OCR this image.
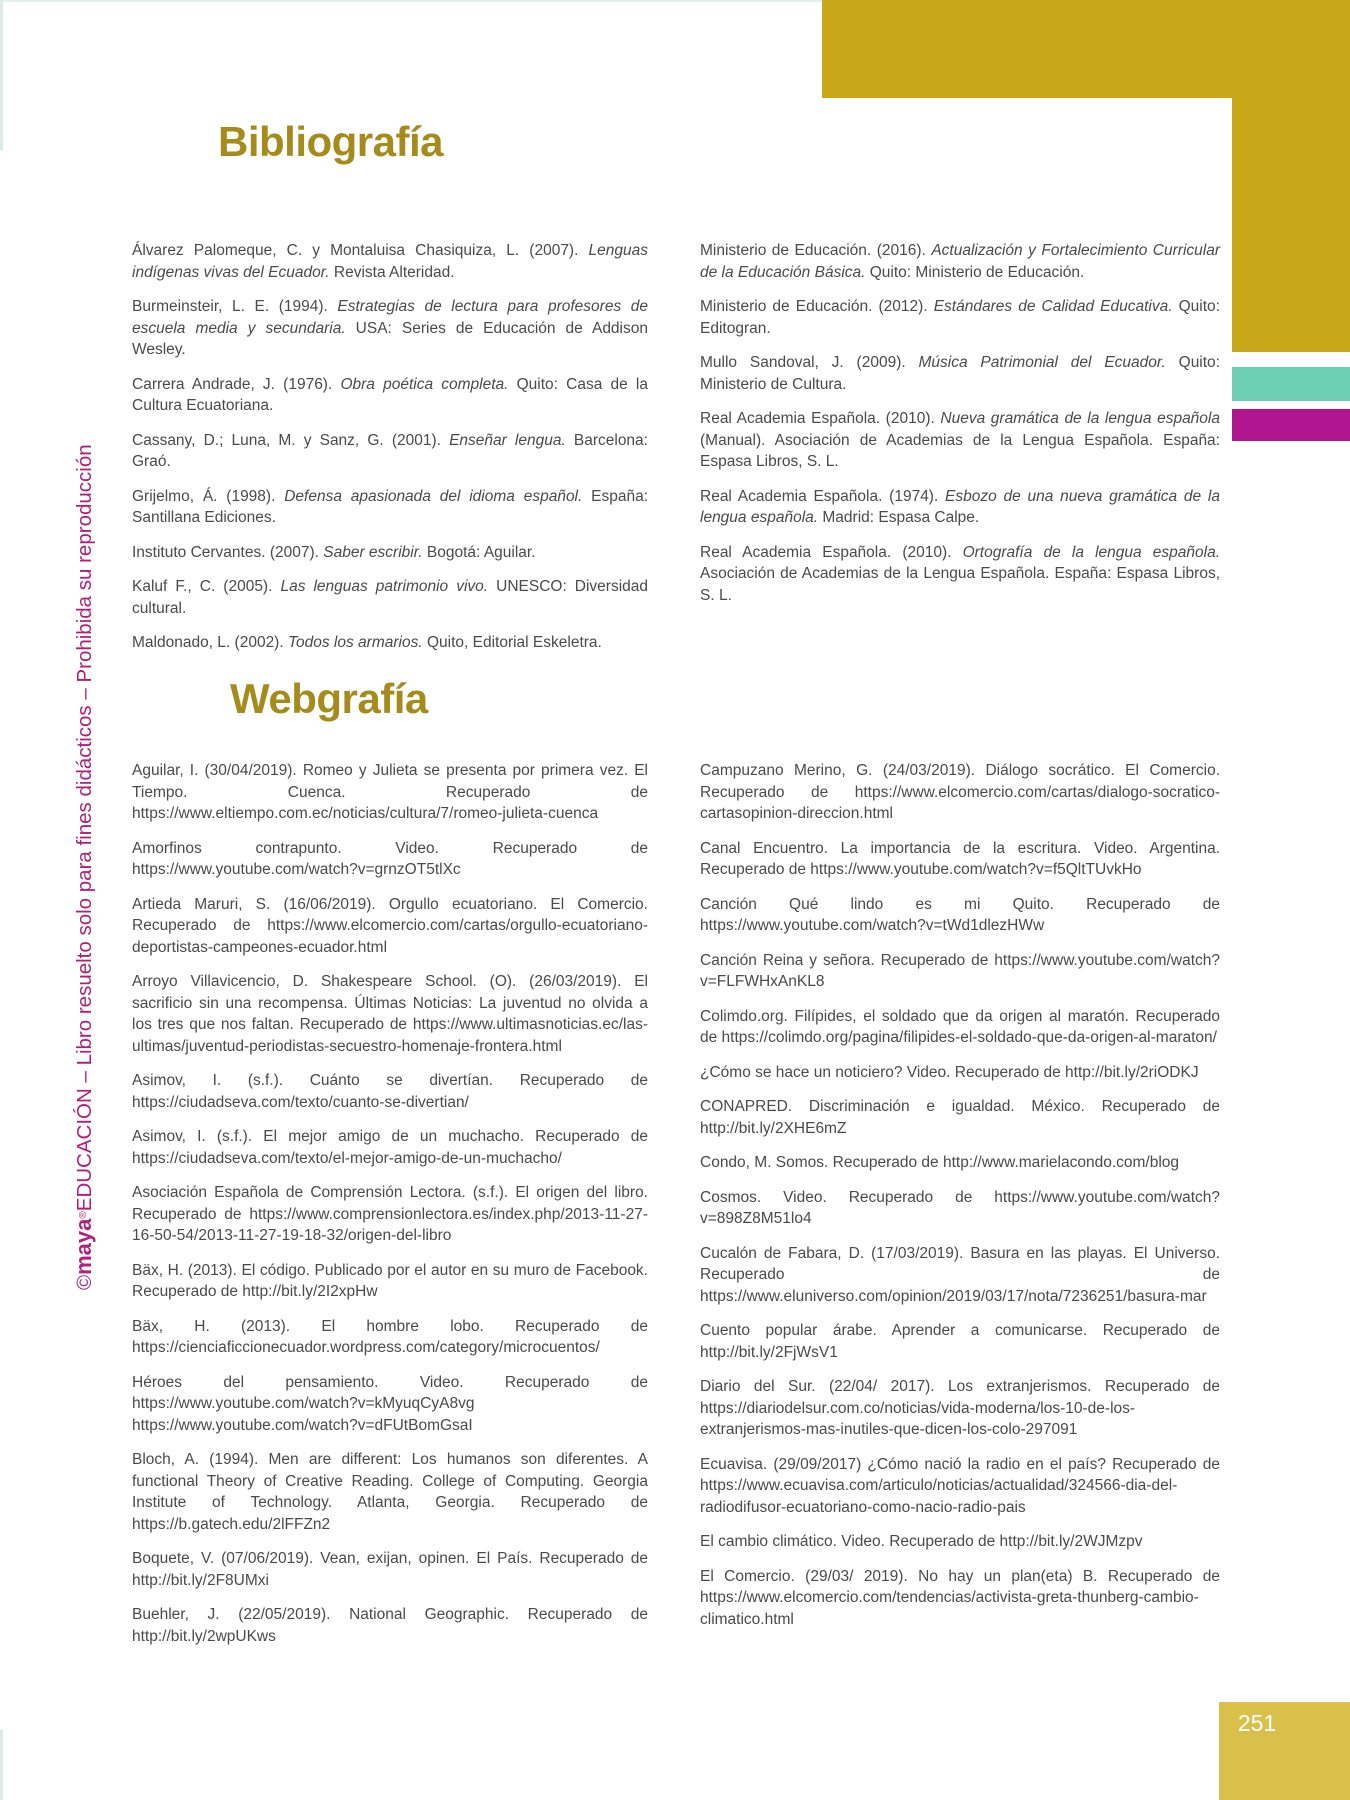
251
©maya®EDUCACIÓN – Libro resuelto solo para fines didácticos – Prohibida su reproducción
Bibliografía

Álvarez Palomeque, C. y Montaluisa Chasiquiza, L. (2007). Lenguas indígenas vivas del Ecuador. Revista Alteridad.

Burmeinsteir, L. E. (1994). Estrategias de lectura para profesores de escuela media y secundaria. USA: Series de Educación de Addison Wesley.

Carrera Andrade, J. (1976). Obra poética completa. Quito: Casa de la Cultura Ecuatoriana.

Cassany, D.; Luna, M. y Sanz, G. (2001). Enseñar lengua. Barcelona: Graó.

Grijelmo, Á. (1998). Defensa apasionada del idioma español. España: Santillana Ediciones.

Instituto Cervantes. (2007). Saber escribir. Bogotá: Aguilar.

Kaluf F., C. (2005). Las lenguas patrimonio vivo. UNESCO: Diversidad cultural.

Maldonado, L. (2002). Todos los armarios. Quito, Editorial Eskeletra.

Ministerio de Educación. (2016). Actualización y Fortalecimiento Curricular de la Educación Básica. Quito: Ministerio de Educación.

Ministerio de Educación. (2012). Estándares de Calidad Educativa. Quito: Editogran.

Mullo Sandoval, J. (2009). Música Patrimonial del Ecuador. Quito: Ministerio de Cultura.

Real Academia Española. (2010). Nueva gramática de la lengua española (Manual). Asociación de Academias de la Lengua Española. España: Espasa Libros, S. L.

Real Academia Española. (1974). Esbozo de una nueva gramática de la lengua española. Madrid: Espasa Calpe.

Real Academia Española. (2010). Ortografía de la lengua española. Asociación de Academias de la Lengua Española. España: Espasa Libros, S. L.

Webgrafía

Aguilar, I. (30/04/2019). Romeo y Julieta se presenta por primera vez. El Tiempo. Cuenca. Recuperado de https://www.eltiempo.com.ec/noticias/cultura/7/romeo-julieta-cuenca

Amorfinos contrapunto. Video. Recuperado de https://www.youtube.com/watch?v=grnzOT5tlXc

Artieda Maruri, S. (16/06/2019). Orgullo ecuatoriano. El Comercio. Recuperado de https://www.elcomercio.com/cartas/orgullo-ecuatoriano-deportistas-campeones-ecuador.html

Arroyo Villavicencio, D. Shakespeare School. (O). (26/03/2019). El sacrificio sin una recompensa. Últimas Noticias: La juventud no olvida a los tres que nos faltan. Recuperado de https://www.ultimasnoticias.ec/las-ultimas/juventud-periodistas-secuestro-homenaje-frontera.html

Asimov, I. (s.f.). Cuánto se divertían. Recuperado de https://ciudadseva.com/texto/cuanto-se-divertian/

Asimov, I. (s.f.). El mejor amigo de un muchacho. Recuperado de https://ciudadseva.com/texto/el-mejor-amigo-de-un-muchacho/

Asociación Española de Comprensión Lectora. (s.f.). El origen del libro. Recuperado de https://www.comprensionlectora.es/index.php/2013-11-27-16-50-54/2013-11-27-19-18-32/origen-del-libro

Bäx, H. (2013). El código. Publicado por el autor en su muro de Facebook. Recuperado de http://bit.ly/2I2xpHw

Bäx, H. (2013). El hombre lobo. Recuperado de https://cienciaficcionecuador.wordpress.com/category/microcuentos/

Héroes del pensamiento. Video. Recuperado de https://www.youtube.com/watch?v=kMyuqCyA8vg https://www.youtube.com/watch?v=dFUtBomGsaI

Bloch, A. (1994). Men are different: Los humanos son diferentes. A functional Theory of Creative Reading. College of Computing. Georgia Institute of Technology. Atlanta, Georgia. Recuperado de https://b.gatech.edu/2lFFZn2

Boquete, V. (07/06/2019). Vean, exijan, opinen. El País. Recuperado de http://bit.ly/2F8UMxi

Buehler, J. (22/05/2019). National Geographic. Recuperado de http://bit.ly/2wpUKws

Campuzano Merino, G. (24/03/2019). Diálogo socrático. El Comercio. Recuperado de https://www.elcomercio.com/cartas/dialogo-socratico-cartasopinion-direccion.html

Canal Encuentro. La importancia de la escritura. Video. Argentina. Recuperado de https://www.youtube.com/watch?v=f5QltTUvkHo

Canción Qué lindo es mi Quito. Recuperado de https://www.youtube.com/watch?v=tWd1dlezHWw

Canción Reina y señora. Recuperado de https://www.youtube.com/watch?v=FLFWHxAnKL8

Colimdo.org. Filípides, el soldado que da origen al maratón. Recuperado de https://colimdo.org/pagina/filipides-el-soldado-que-da-origen-al-maraton/

¿Cómo se hace un noticiero? Video. Recuperado de http://bit.ly/2riODKJ

CONAPRED. Discriminación e igualdad. México. Recuperado de http://bit.ly/2XHE6mZ

Condo, M. Somos. Recuperado de http://www.marielacondo.com/blog

Cosmos. Video. Recuperado de https://www.youtube.com/watch?v=898Z8M51lo4

Cucalón de Fabara, D. (17/03/2019). Basura en las playas. El Universo. Recuperado de https://www.eluniverso.com/opinion/2019/03/17/nota/7236251/basura-mar

Cuento popular árabe. Aprender a comunicarse. Recuperado de http://bit.ly/2FjWsV1

Diario del Sur. (22/04/ 2017). Los extranjerismos. Recuperado de https://diariodelsur.com.co/noticias/vida-moderna/los-10-de-los-extranjerismos-mas-inutiles-que-dicen-los-colo-297091

Ecuavisa. (29/09/2017) ¿Cómo nació la radio en el país? Recuperado de https://www.ecuavisa.com/articulo/noticias/actualidad/324566-dia-del-radiodifusor-ecuatoriano-como-nacio-radio-pais

El cambio climático. Video. Recuperado de http://bit.ly/2WJMzpv

El Comercio. (29/03/ 2019). No hay un plan(eta) B. Recuperado de https://www.elcomercio.com/tendencias/activista-greta-thunberg-cambio-climatico.html
